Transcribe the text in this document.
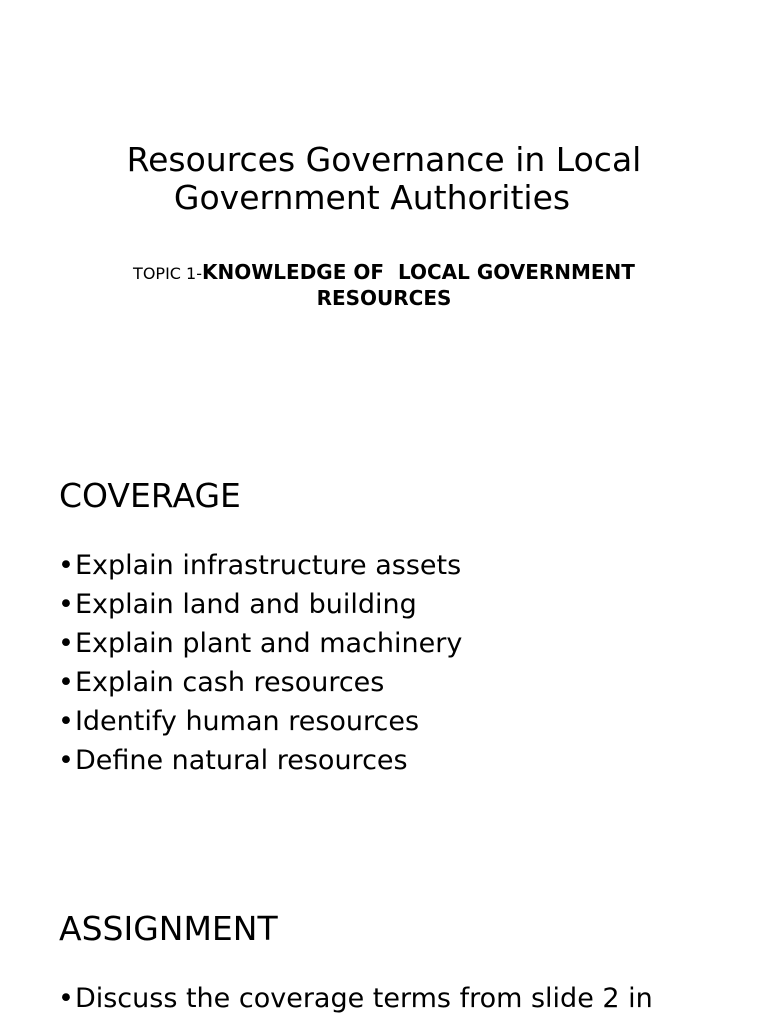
Resources Governance in Local
Government Authorities
TOPIC 1-KNOWLEDGE OF  LOCAL GOVERNMENT
RESOURCES
COVERAGE
•Explain infrastructure assets
•Explain land and building
•Explain plant and machinery
•Explain cash resources
•Identify human resources
•Define natural resources
ASSIGNMENT
•Discuss the coverage terms from slide 2 in
